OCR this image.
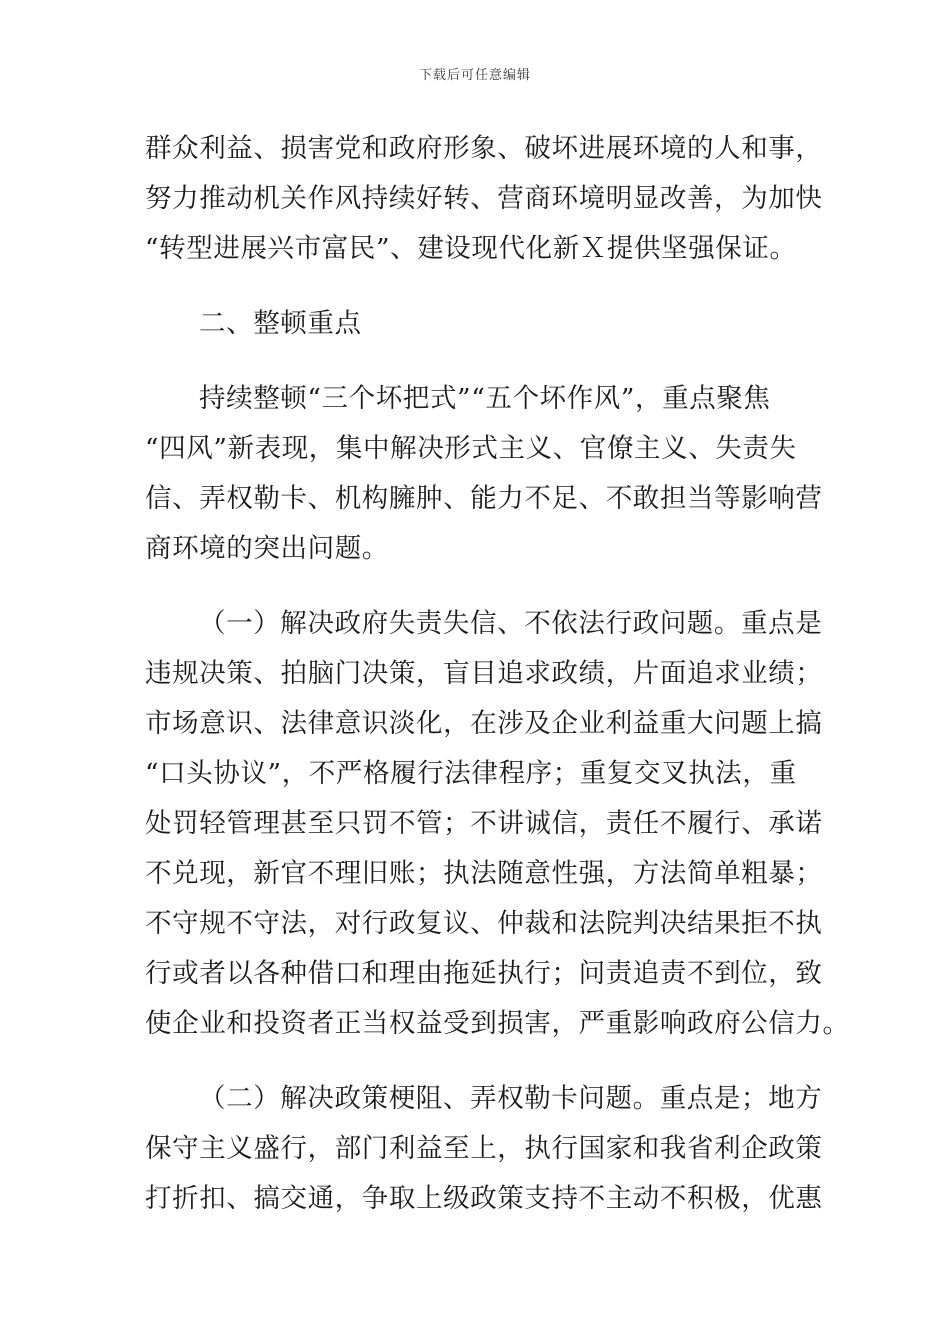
下载后可任意编辑
群众利益、损害党和政府形象、破坏进展环境的人和事，
努力推动机关作风持续好转、营商环境明显改善，为加快
“转型进展兴市富民”、建设现代化新Ｘ提供坚强保证。
二、整顿重点
持续整顿“三个坏把式”“五个坏作风”，重点聚焦
“四风”新表现，集中解决形式主义、官僚主义、失责失
信、弄权勒卡、机构臃肿、能力不足、不敢担当等影响营
商环境的突出问题。
（一）解决政府失责失信、不依法行政问题。重点是
违规决策、拍脑门决策，盲目追求政绩，片面追求业绩；
市场意识、法律意识淡化，在涉及企业利益重大问题上搞
“口头协议”，不严格履行法律程序；重复交叉执法，重
处罚轻管理甚至只罚不管；不讲诚信，责任不履行、承诺
不兑现，新官不理旧账；执法随意性强，方法简单粗暴；
不守规不守法，对行政复议、仲裁和法院判决结果拒不执
行或者以各种借口和理由拖延执行；问责追责不到位，致
使企业和投资者正当权益受到损害，严重影响政府公信力。
（二）解决政策梗阻、弄权勒卡问题。重点是；地方
保守主义盛行，部门利益至上，执行国家和我省利企政策
打折扣、搞交通，争取上级政策支持不主动不积极，优惠
